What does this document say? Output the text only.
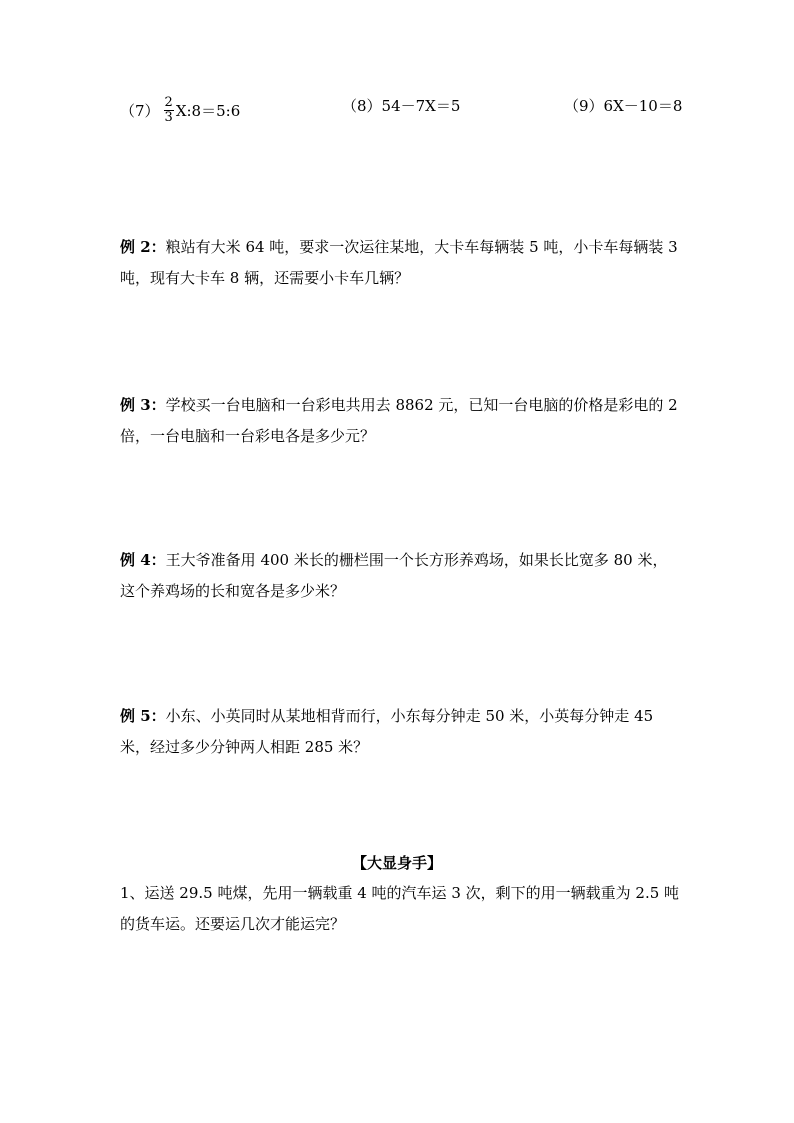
$(7) \frac{2}{3}$ X:8＝5:6	（8）54－7X＝5	（9）6X－10＝8
例 2：粮站有大米 64 吨，要求一次运往某地，大卡车每辆装 5 吨，小卡车每辆装 3 吨，现有大卡车 8 辆，还需要小卡车几辆？
例 3：学校买一台电脑和一台彩电共用去 8862 元，已知一台电脑的价格是彩电的 2 倍，一台电脑和一台彩电各是多少元？
例 4：王大爷准备用 400 米长的栅栏围一个长方形养鸡场，如果长比宽多 80 米，这个养鸡场的长和宽各是多少米？
例 5：小东、小英同时从某地相背而行，小东每分钟走 50 米，小英每分钟走 45 米，经过多少分钟两人相距 285 米？
【大显身手】
1、运送 29.5 吨煤，先用一辆载重 4 吨的汽车运 3 次，剩下的用一辆载重为 2.5 吨的货车运。还要运几次才能运完？
